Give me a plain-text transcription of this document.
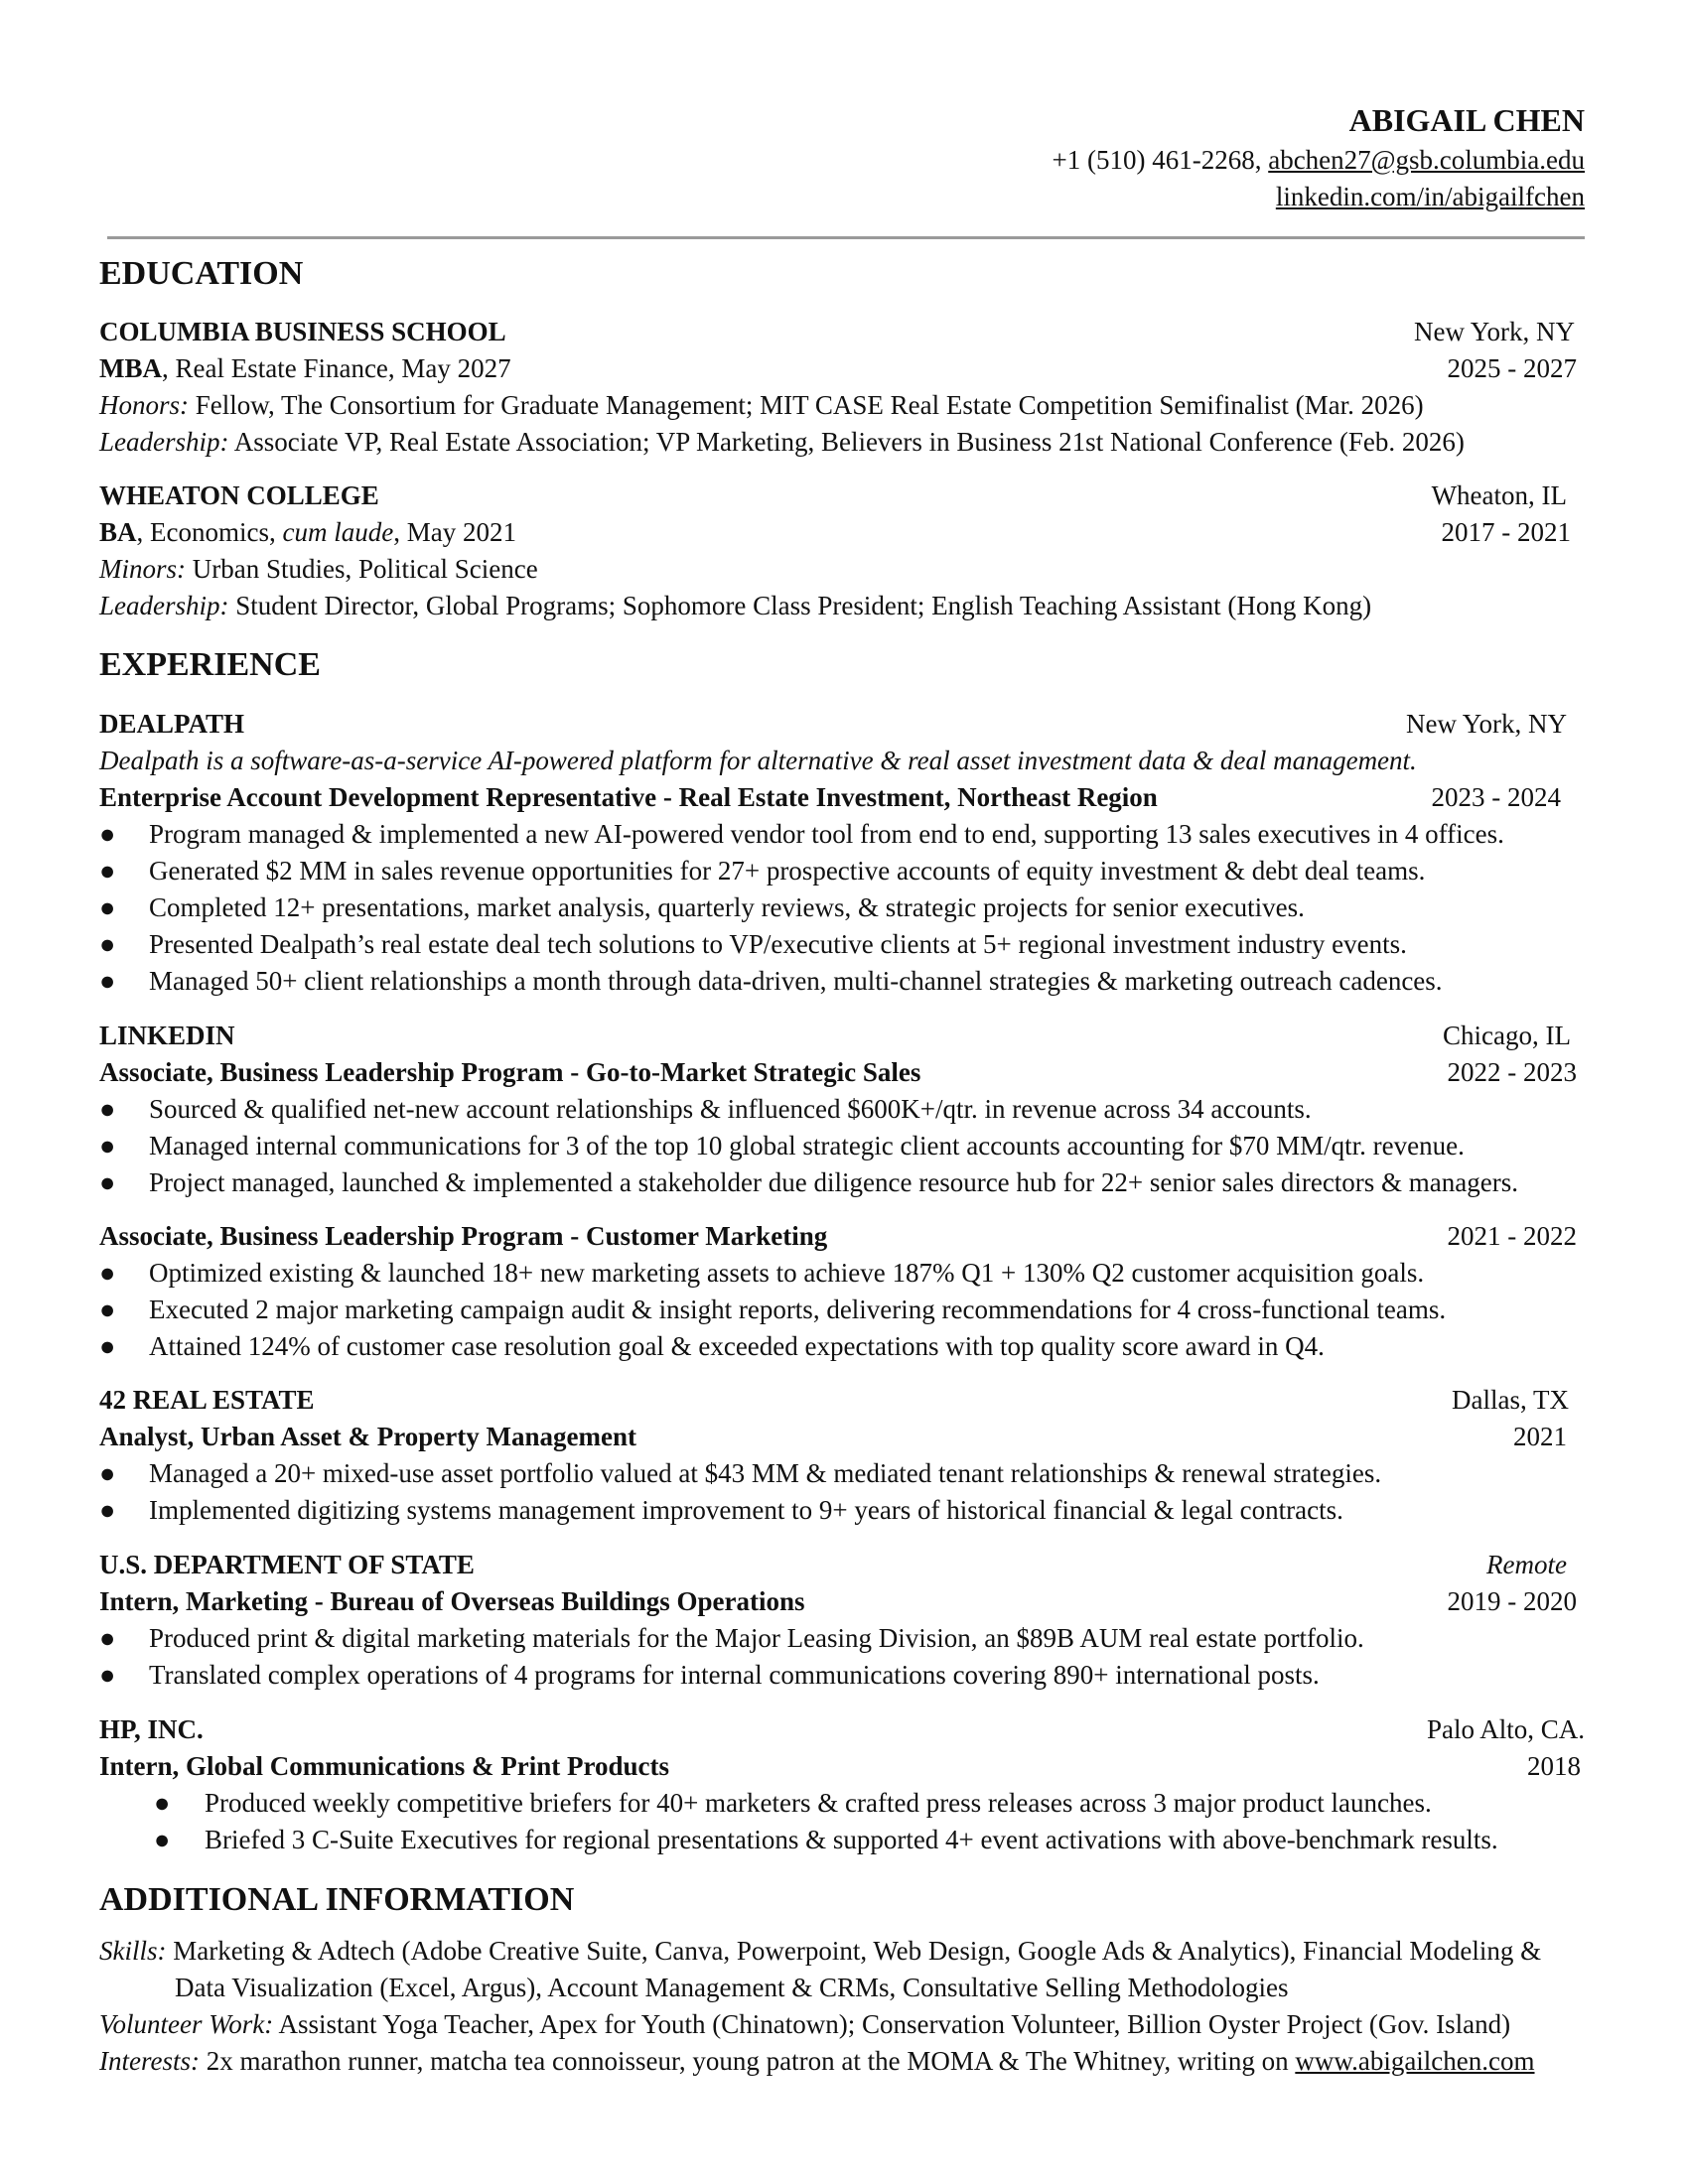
ABIGAIL CHEN
+1 (510) 461-2268, abchen27@gsb.columbia.edu
linkedin.com/in/abigailfchen
EDUCATION
COLUMBIA BUSINESS SCHOOL	New York, NY
MBA, Real Estate Finance, May 2027	2025 - 2027
Honors: Fellow, The Consortium for Graduate Management; MIT CASE Real Estate Competition Semifinalist (Mar. 2026)
Leadership: Associate VP, Real Estate Association; VP Marketing, Believers in Business 21st National Conference (Feb. 2026)
WHEATON COLLEGE	Wheaton, IL
BA, Economics, cum laude, May 2021	2017 - 2021
Minors: Urban Studies, Political Science
Leadership: Student Director, Global Programs; Sophomore Class President; English Teaching Assistant (Hong Kong)
EXPERIENCE
DEALPATH	New York, NY
Dealpath is a software-as-a-service AI-powered platform for alternative & real asset investment data & deal management.
Enterprise Account Development Representative - Real Estate Investment, Northeast Region	2023 - 2024
●	Program managed & implemented a new AI-powered vendor tool from end to end, supporting 13 sales executives in 4 offices.
●	Generated $2 MM in sales revenue opportunities for 27+ prospective accounts of equity investment & debt deal teams.
●	Completed 12+ presentations, market analysis, quarterly reviews, & strategic projects for senior executives.
●	Presented Dealpath’s real estate deal tech solutions to VP/executive clients at 5+ regional investment industry events.
●	Managed 50+ client relationships a month through data-driven, multi-channel strategies & marketing outreach cadences.
LINKEDIN	Chicago, IL
Associate, Business Leadership Program - Go-to-Market Strategic Sales	2022 - 2023
●	Sourced & qualified net-new account relationships & influenced $600K+/qtr. in revenue across 34 accounts.
●	Managed internal communications for 3 of the top 10 global strategic client accounts accounting for $70 MM/qtr. revenue.
●	Project managed, launched & implemented a stakeholder due diligence resource hub for 22+ senior sales directors & managers.
Associate, Business Leadership Program - Customer Marketing	2021 - 2022
●	Optimized existing & launched 18+ new marketing assets to achieve 187% Q1 + 130% Q2 customer acquisition goals.
●	Executed 2 major marketing campaign audit & insight reports, delivering recommendations for 4 cross-functional teams.
●	Attained 124% of customer case resolution goal & exceeded expectations with top quality score award in Q4.
42 REAL ESTATE	Dallas, TX
Analyst, Urban Asset & Property Management	2021
●	Managed a 20+ mixed-use asset portfolio valued at $43 MM & mediated tenant relationships & renewal strategies.
●	Implemented digitizing systems management improvement to 9+ years of historical financial & legal contracts.
U.S. DEPARTMENT OF STATE	Remote
Intern, Marketing - Bureau of Overseas Buildings Operations	2019 - 2020
●	Produced print & digital marketing materials for the Major Leasing Division, an $89B AUM real estate portfolio.
●	Translated complex operations of 4 programs for internal communications covering 890+ international posts.
HP, INC.	Palo Alto, CA.
Intern, Global Communications & Print Products	2018
●	Produced weekly competitive briefers for 40+ marketers & crafted press releases across 3 major product launches.
●	Briefed 3 C-Suite Executives for regional presentations & supported 4+ event activations with above-benchmark results.
ADDITIONAL INFORMATION
Skills: Marketing & Adtech (Adobe Creative Suite, Canva, Powerpoint, Web Design, Google Ads & Analytics), Financial Modeling &
Data Visualization (Excel, Argus), Account Management & CRMs, Consultative Selling Methodologies
Volunteer Work: Assistant Yoga Teacher, Apex for Youth (Chinatown); Conservation Volunteer, Billion Oyster Project (Gov. Island)
Interests: 2x marathon runner, matcha tea connoisseur, young patron at the MOMA & The Whitney, writing on www.abigailchen.com
